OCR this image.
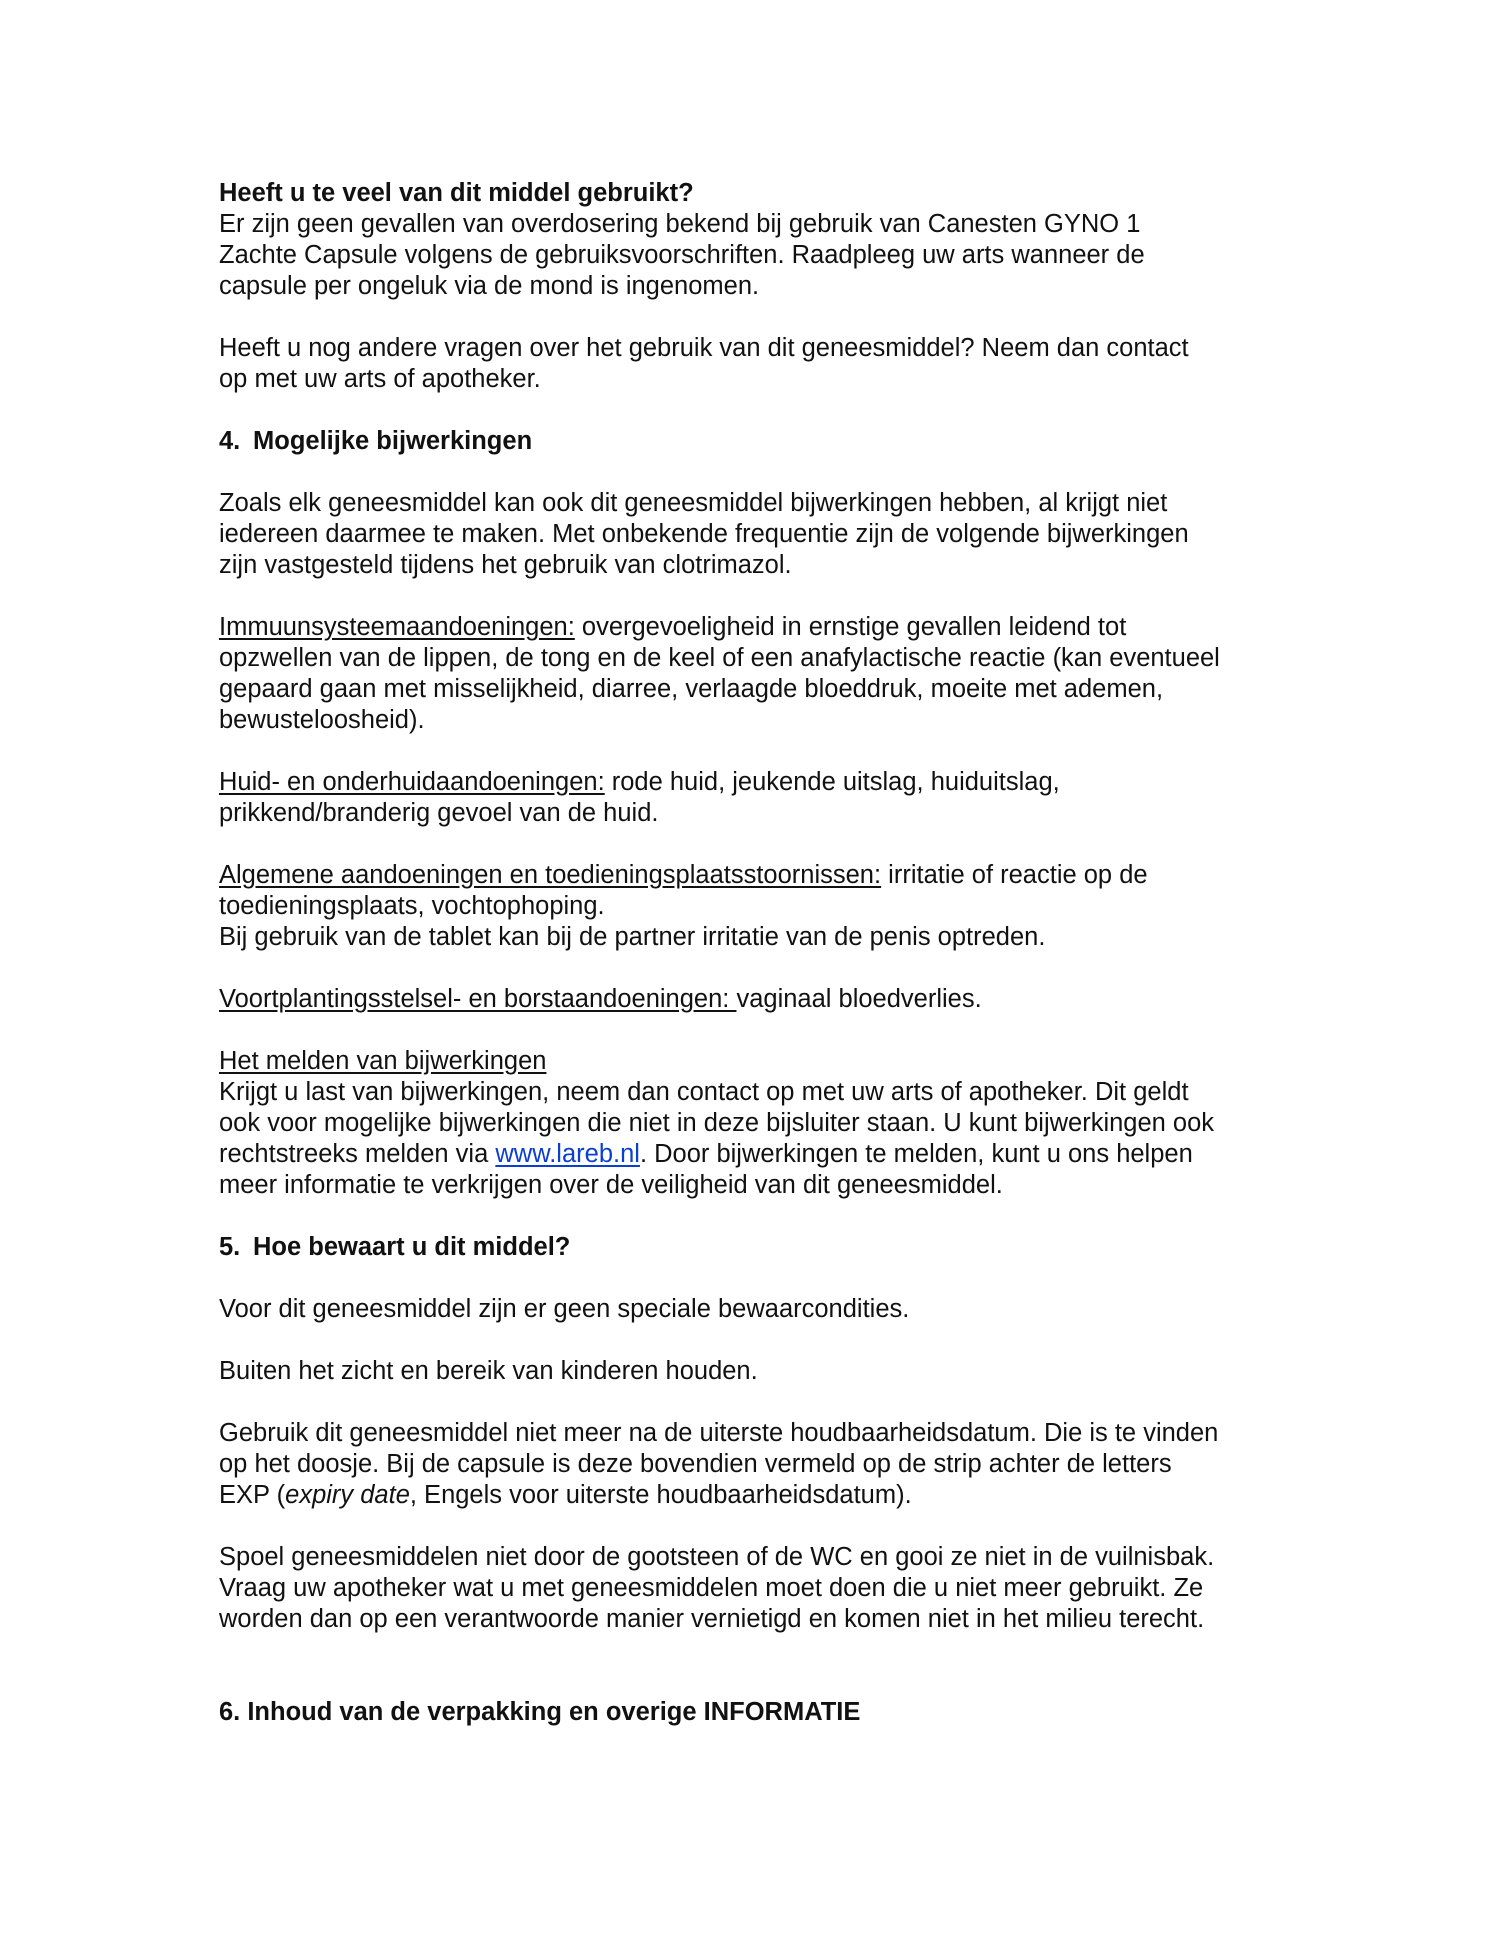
Heeft u te veel van dit middel gebruikt?
Er zijn geen gevallen van overdosering bekend bij gebruik van Canesten GYNO 1
Zachte Capsule volgens de gebruiksvoorschriften. Raadpleeg uw arts wanneer de
capsule per ongeluk via de mond is ingenomen.

Heeft u nog andere vragen over het gebruik van dit geneesmiddel? Neem dan contact
op met uw arts of apotheker.

4. Mogelijke bijwerkingen

Zoals elk geneesmiddel kan ook dit geneesmiddel bijwerkingen hebben, al krijgt niet
iedereen daarmee te maken. Met onbekende frequentie zijn de volgende bijwerkingen
zijn vastgesteld tijdens het gebruik van clotrimazol.

Immuunsysteemaandoeningen: overgevoeligheid in ernstige gevallen leidend tot
opzwellen van de lippen, de tong en de keel of een anafylactische reactie (kan eventueel
gepaard gaan met misselijkheid, diarree, verlaagde bloeddruk, moeite met ademen,
bewusteloosheid).

Huid- en onderhuidaandoeningen: rode huid, jeukende uitslag, huiduitslag,
prikkend/branderig gevoel van de huid.

Algemene aandoeningen en toedieningsplaatsstoornissen: irritatie of reactie op de
toedieningsplaats, vochtophoping.
Bij gebruik van de tablet kan bij de partner irritatie van de penis optreden.

Voortplantingsstelsel- en borstaandoeningen: vaginaal bloedverlies.

Het melden van bijwerkingen
Krijgt u last van bijwerkingen, neem dan contact op met uw arts of apotheker. Dit geldt
ook voor mogelijke bijwerkingen die niet in deze bijsluiter staan. U kunt bijwerkingen ook
rechtstreeks melden via www.lareb.nl. Door bijwerkingen te melden, kunt u ons helpen
meer informatie te verkrijgen over de veiligheid van dit geneesmiddel.

5. Hoe bewaart u dit middel?

Voor dit geneesmiddel zijn er geen speciale bewaarcondities.

Buiten het zicht en bereik van kinderen houden.

Gebruik dit geneesmiddel niet meer na de uiterste houdbaarheidsdatum. Die is te vinden
op het doosje. Bij de capsule is deze bovendien vermeld op de strip achter de letters
EXP (expiry date, Engels voor uiterste houdbaarheidsdatum).

Spoel geneesmiddelen niet door de gootsteen of de WC en gooi ze niet in de vuilnisbak.
Vraag uw apotheker wat u met geneesmiddelen moet doen die u niet meer gebruikt. Ze
worden dan op een verantwoorde manier vernietigd en komen niet in het milieu terecht.

6. Inhoud van de verpakking en overige INFORMATIE
